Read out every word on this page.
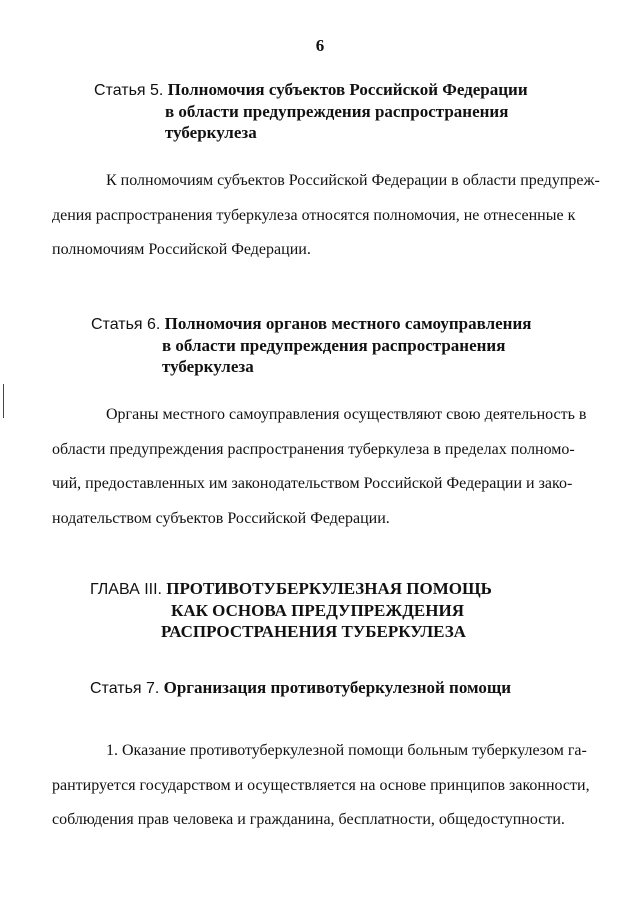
6
Статья 5.
Полномочия субъектов Российской Федерации
в области предупреждения распространения
туберкулеза
К полномочиям субъектов Российской Федерации в области предупреж-
дения распространения туберкулеза относятся полномочия, не отнесенные к
полномочиям Российской Федерации.
Статья 6.
Полномочия органов местного самоуправления
в области предупреждения распространения
туберкулеза
Органы местного самоуправления осуществляют свою деятельность в
области предупреждения распространения туберкулеза в пределах полномо-
чий, предоставленных им законодательством Российской Федерации и зако-
нодательством субъектов Российской Федерации.
ГЛАВА III. ПРОТИВОТУБЕРКУЛЕЗНАЯ ПОМОЩЬ
КАК ОСНОВА ПРЕДУПРЕЖДЕНИЯ
РАСПРОСТРАНЕНИЯ ТУБЕРКУЛЕЗА
Статья 7.
Организация противотуберкулезной помощи
1. Оказание противотуберкулезной помощи больным туберкулезом га-
рантируется государством и осуществляется на основе принципов законности,
соблюдения прав человека и гражданина, бесплатности, общедоступности.
